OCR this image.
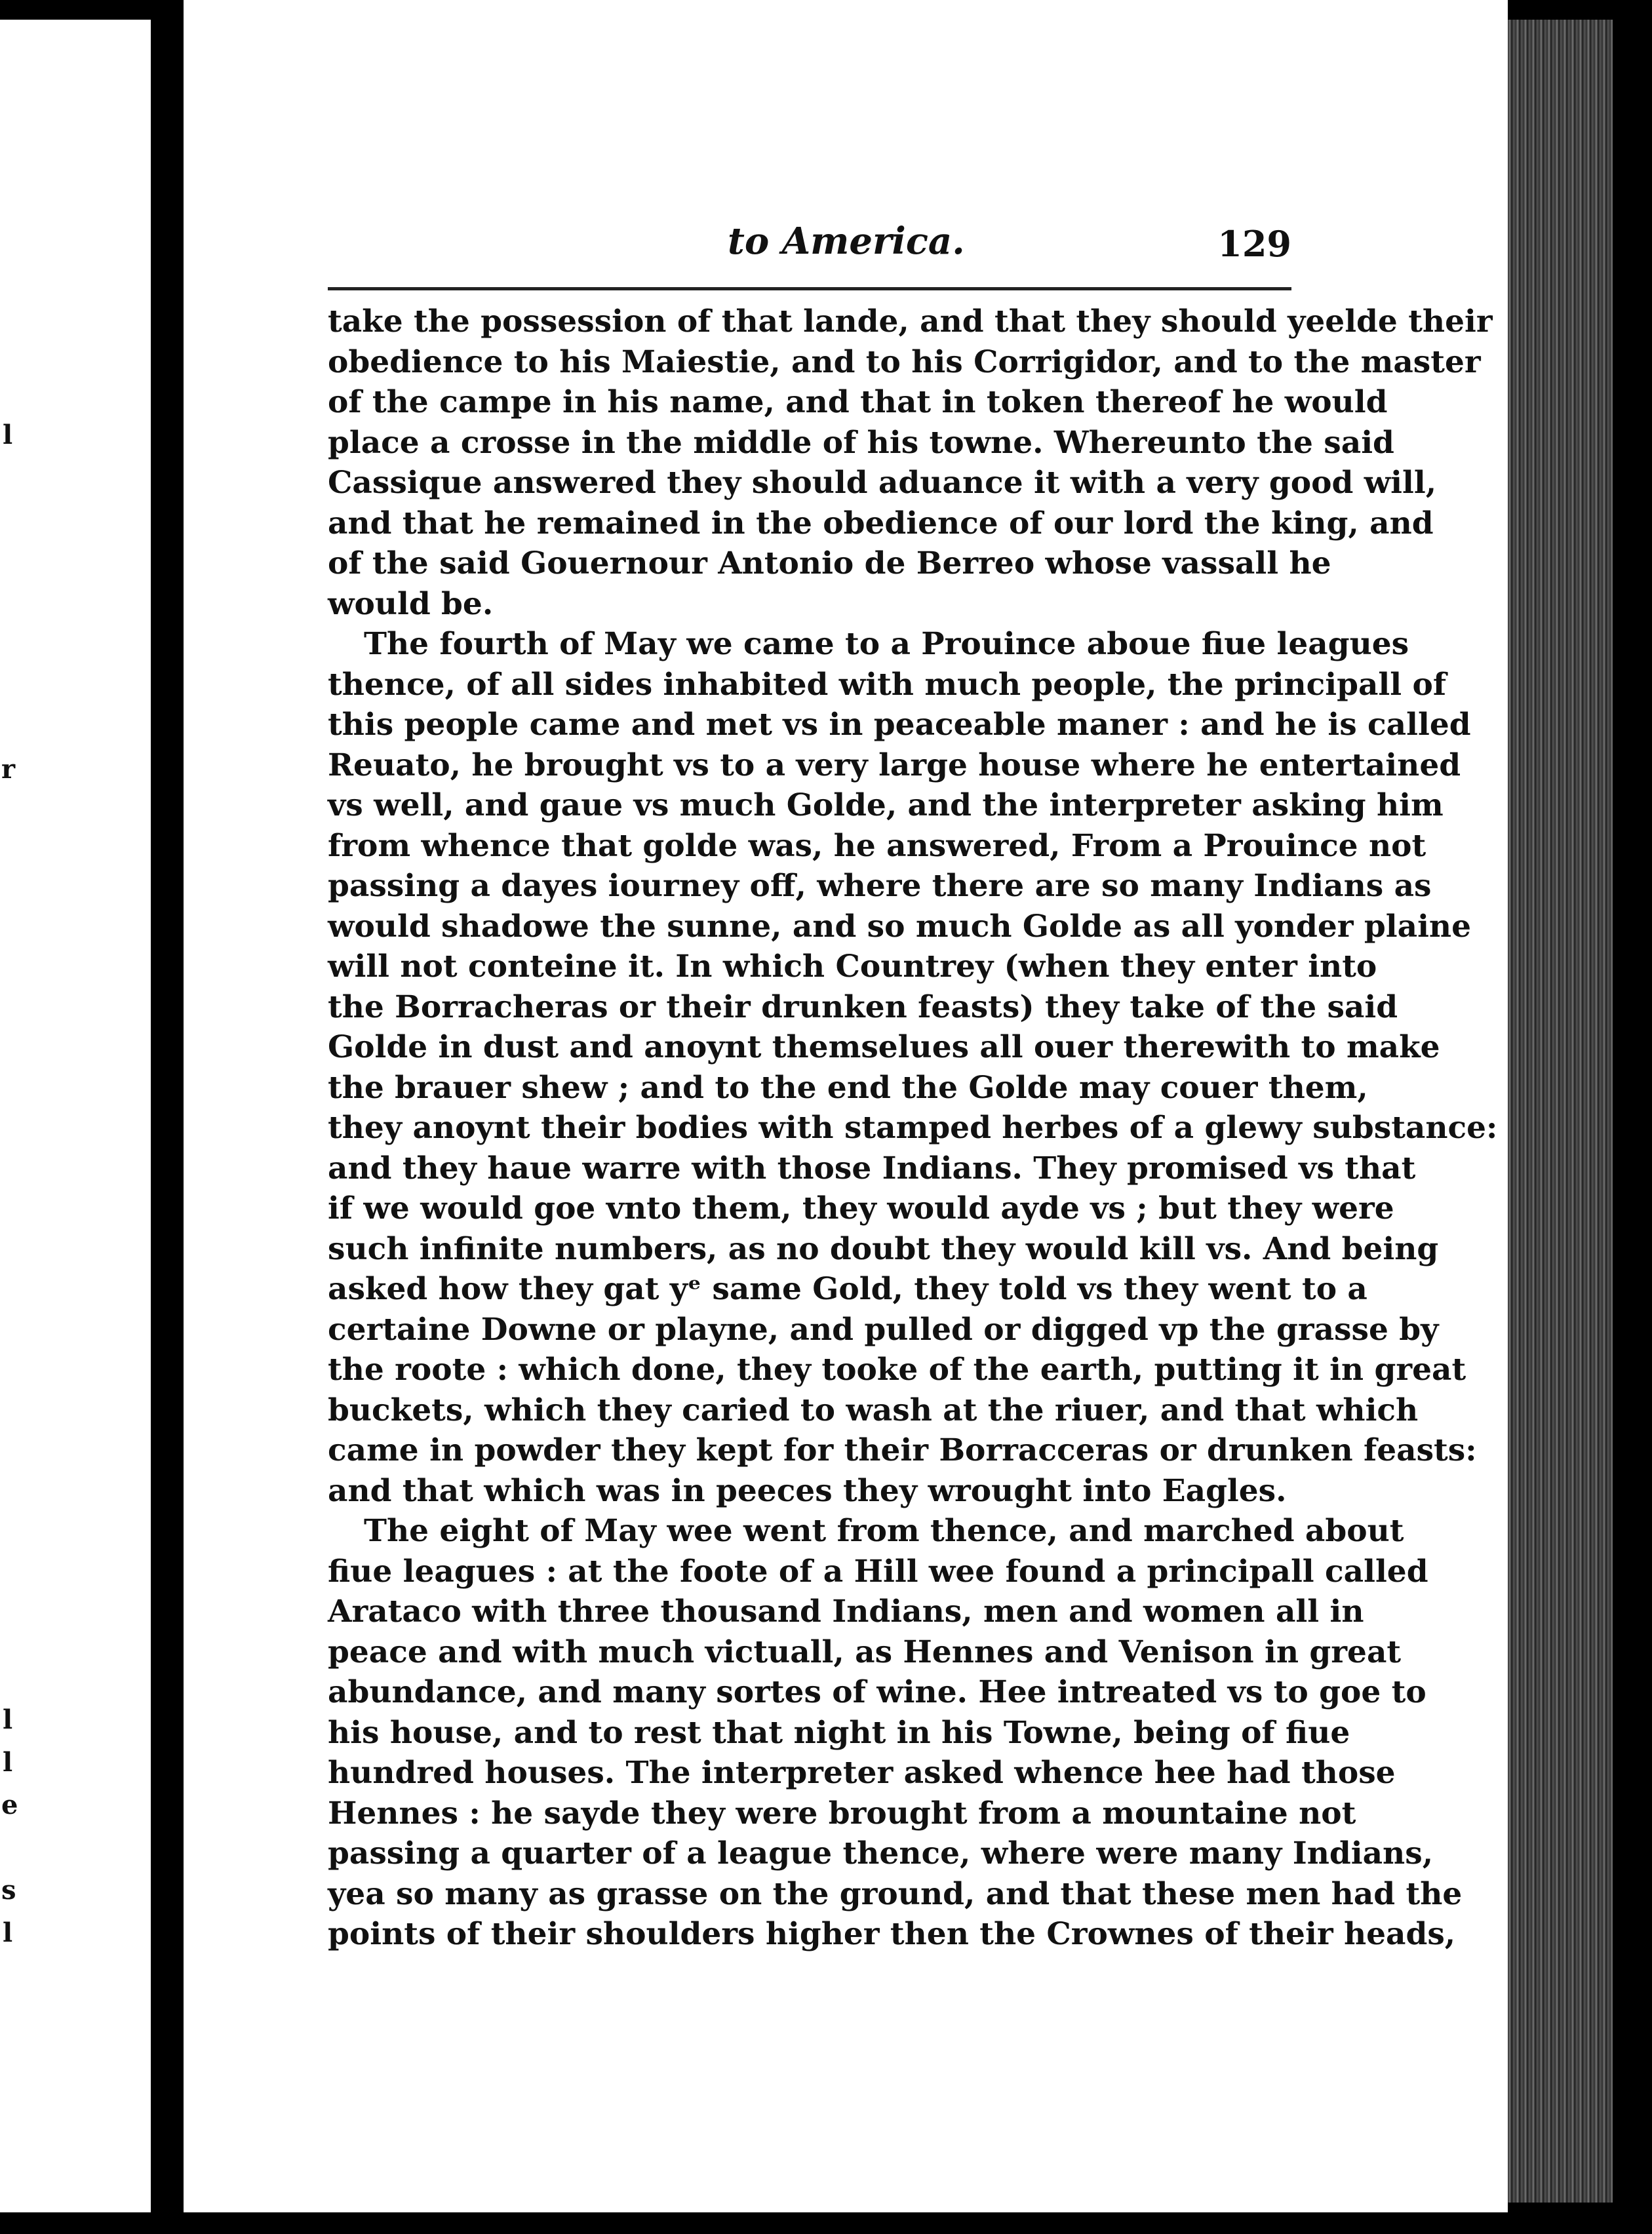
r
l
l
l
e
s
l
to America.	129
take the possession of that lande, and that they should yeelde their
obedience to his Maiestie, and to his Corrigidor, and to the master
of the campe in his name, and that in token thereof he would
place a crosse in the middle of his towne. Whereunto the said
Cassique answered they should aduance it with a very good will,
and that he remained in the obedience of our lord the king, and
of the said Gouernour Antonio de Berreo whose vassall he
would be.
The fourth of May we came to a Prouince aboue fiue leagues
thence, of all sides inhabited with much people, the principall of
this people came and met vs in peaceable maner : and he is called
Reuato, he brought vs to a very large house where he entertained
vs well, and gaue vs much Golde, and the interpreter asking him
from whence that golde was, he answered, From a Prouince not
passing a dayes iourney off, where there are so many Indians as
would shadowe the sunne, and so much Golde as all yonder plaine
will not conteine it. In which Countrey (when they enter into
the Borracheras or their drunken feasts) they take of the said
Golde in dust and anoynt themselues all ouer therewith to make
the brauer shew ; and to the end the Golde may couer them,
they anoynt their bodies with stamped herbes of a glewy substance:
and they haue warre with those Indians. They promised vs that
if we would goe vnto them, they would ayde vs ; but they were
such infinite numbers, as no doubt they would kill vs. And being
asked how they gat yᵉ same Gold, they told vs they went to a
certaine Downe or playne, and pulled or digged vp the grasse by
the roote : which done, they tooke of the earth, putting it in great
buckets, which they caried to wash at the riuer, and that which
came in powder they kept for their Borracceras or drunken feasts:
and that which was in peeces they wrought into Eagles.
The eight of May wee went from thence, and marched about
fiue leagues : at the foote of a Hill wee found a principall called
Arataco with three thousand Indians, men and women all in
peace and with much victuall, as Hennes and Venison in great
abundance, and many sortes of wine. Hee intreated vs to goe to
his house, and to rest that night in his Towne, being of fiue
hundred houses. The interpreter asked whence hee had those
Hennes : he sayde they were brought from a mountaine not
passing a quarter of a league thence, where were many Indians,
yea so many as grasse on the ground, and that these men had the
points of their shoulders higher then the Crownes of their heads,
